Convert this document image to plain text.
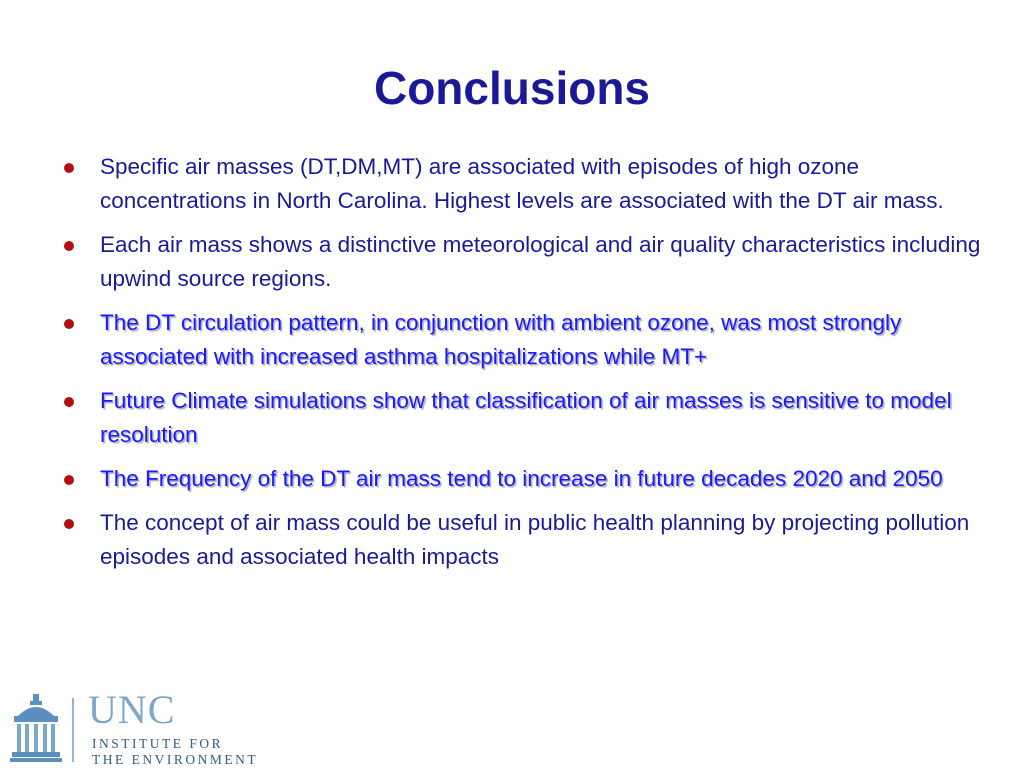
Conclusions
Specific air masses (DT,DM,MT) are associated with episodes of high ozone concentrations in North Carolina. Highest levels are associated with the DT air mass.
Each air mass shows a distinctive meteorological and air quality characteristics including upwind source regions.
The DT circulation pattern, in conjunction with ambient ozone, was most strongly associated with increased asthma hospitalizations while MT+
Future Climate simulations show that classification of air masses is sensitive to model resolution
The Frequency of the DT air mass tend to increase in future decades 2020 and 2050
The concept of air mass could be useful in public health planning by projecting pollution episodes and associated health impacts
UNC
INSTITUTE FOR
THE ENVIRONMENT
